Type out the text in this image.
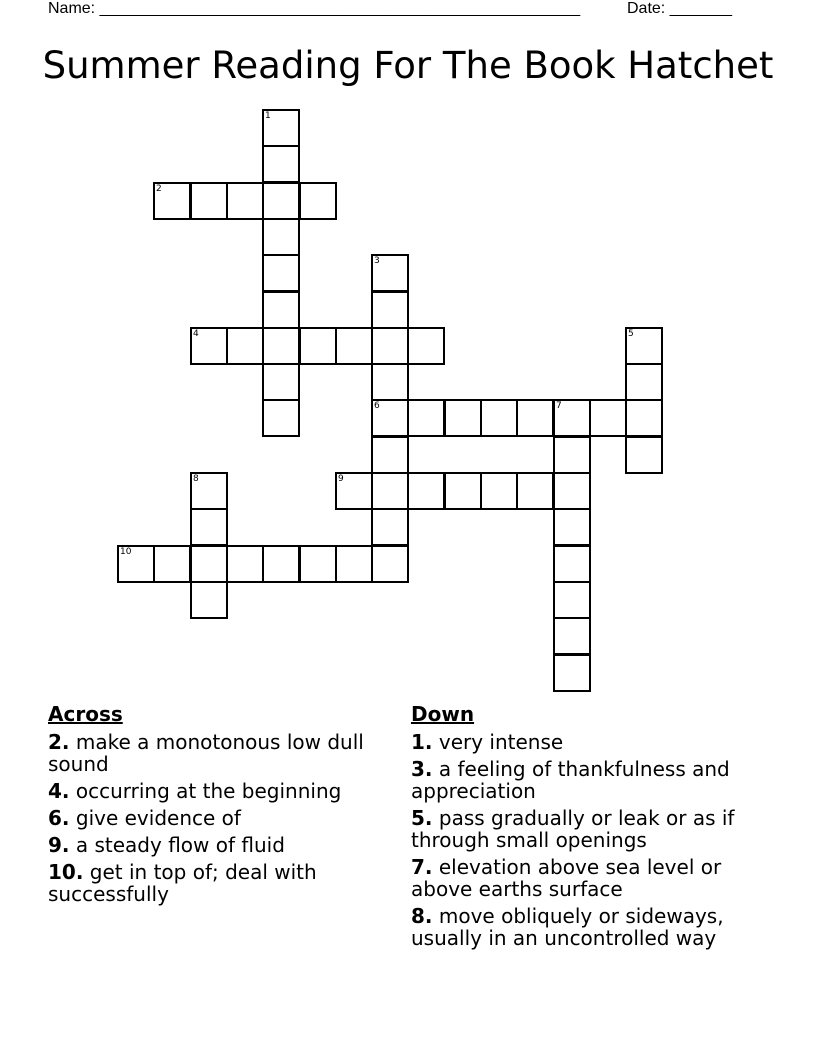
Name: ______________________________________________________	Date: _______
Summer Reading For The Book Hatchet
1
2
3
6
4	5
7
8	9
10
Across
2. make a monotonous low dull sound
4. occurring at the beginning
6. give evidence of
9. a steady flow of fluid
10. get in top of; deal with successfully
Down
1. very intense
3. a feeling of thankfulness and appreciation
5. pass gradually or leak or as if through small openings
7. elevation above sea level or above earths surface
8. move obliquely or sideways, usually in an uncontrolled way
